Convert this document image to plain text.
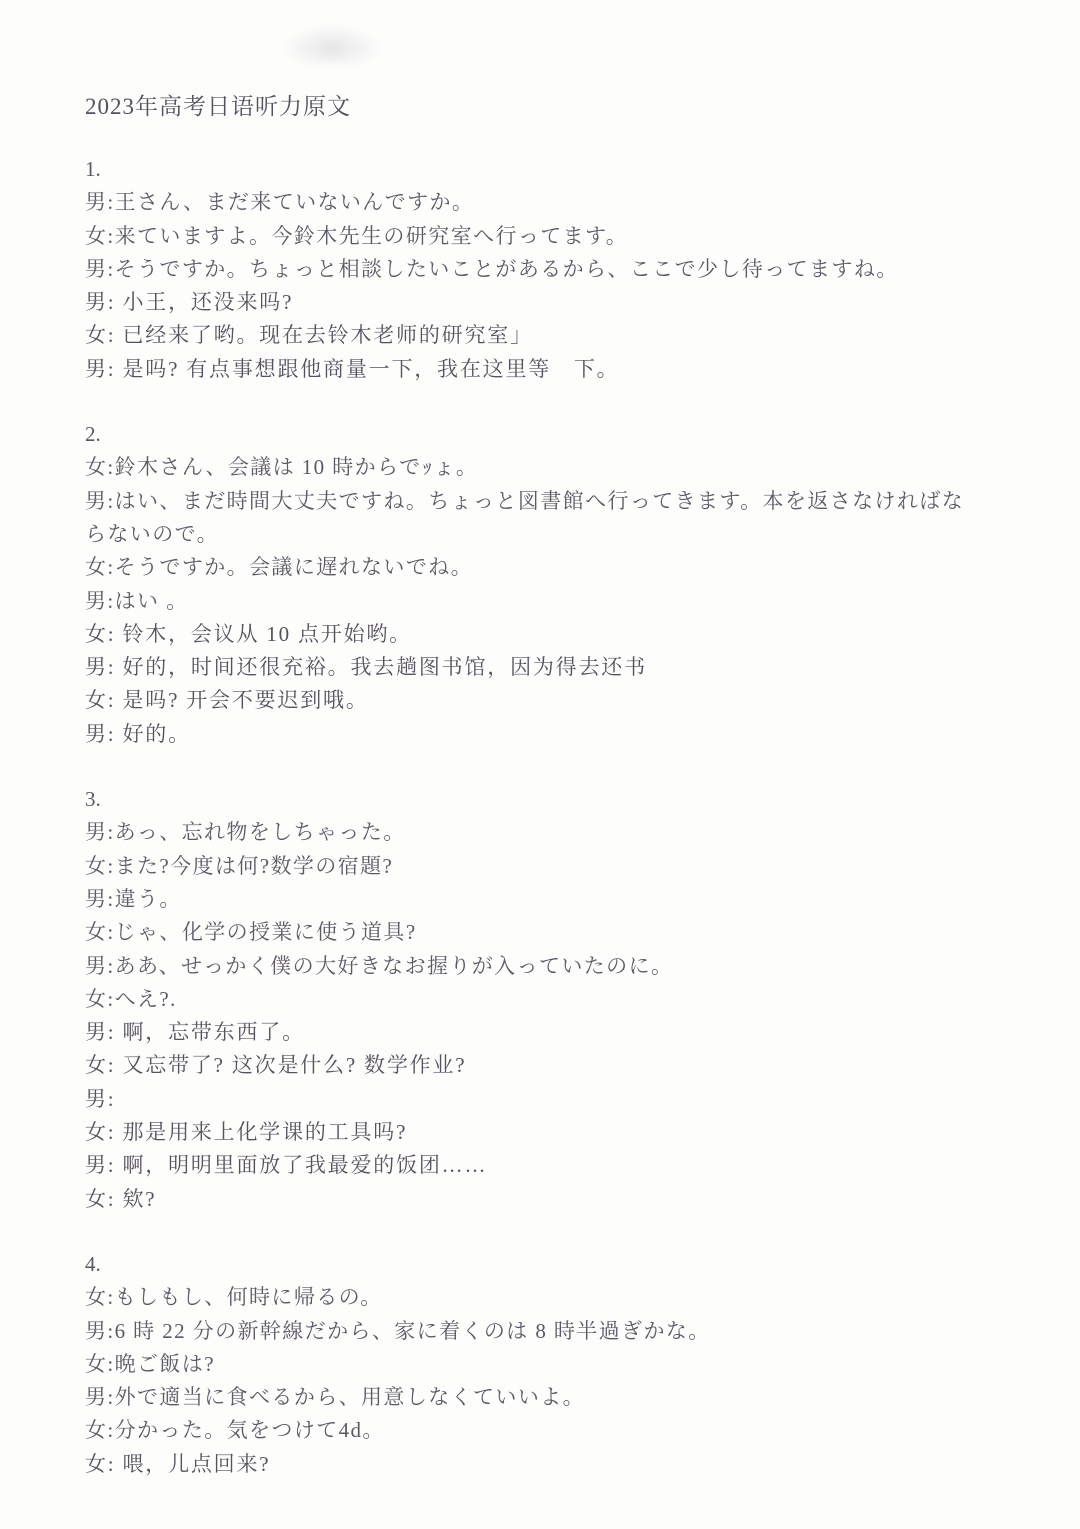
2023年高考日语听力原文
1.
男:王さん、まだ来ていないんですか。
女:来ていますよ。今鈴木先生の研究室へ行ってます。
男:そうですか。ちょっと相談したいことがあるから、ここで少し待ってますね。
男: 小王，还没来吗?
女: 已经来了哟。现在去铃木老师的研究室」
男: 是吗? 有点事想跟他商量一下，我在这里等　下。
2.
女:鈴木さん、会議は 10 時からでｯょ。
男:はい、まだ時間大丈夫ですね。ちょっと図書館へ行ってきます。本を返さなければな
らないので。
女:そうですか。会議に遅れないでね。
男:はい 。
女: 铃木，会议从 10 点开始哟。
男: 好的，时间还很充裕。我去趟图书馆，因为得去还书
女: 是吗? 开会不要迟到哦。
男: 好的。
3.
男:あっ、忘れ物をしちゃった。
女:また?今度は何?数学の宿題?
男:違う。
女:じゃ、化学の授業に使う道具?
男:ああ、せっかく僕の大好きなお握りが入っていたのに。
女:へえ?.
男: 啊，忘带东西了。
女: 又忘带了? 这次是什么? 数学作业?
男:
女: 那是用来上化学课的工具吗?
男: 啊，明明里面放了我最爱的饭团……
女: 欸?
4.
女:もしもし、何時に帰るの。
男:6 時 22 分の新幹線だから、家に着くのは 8 時半過ぎかな。
女:晩ご飯は?
男:外で適当に食べるから、用意しなくていいよ。
女:分かった。気をつけて4d。
女: 喂，儿点回来?
